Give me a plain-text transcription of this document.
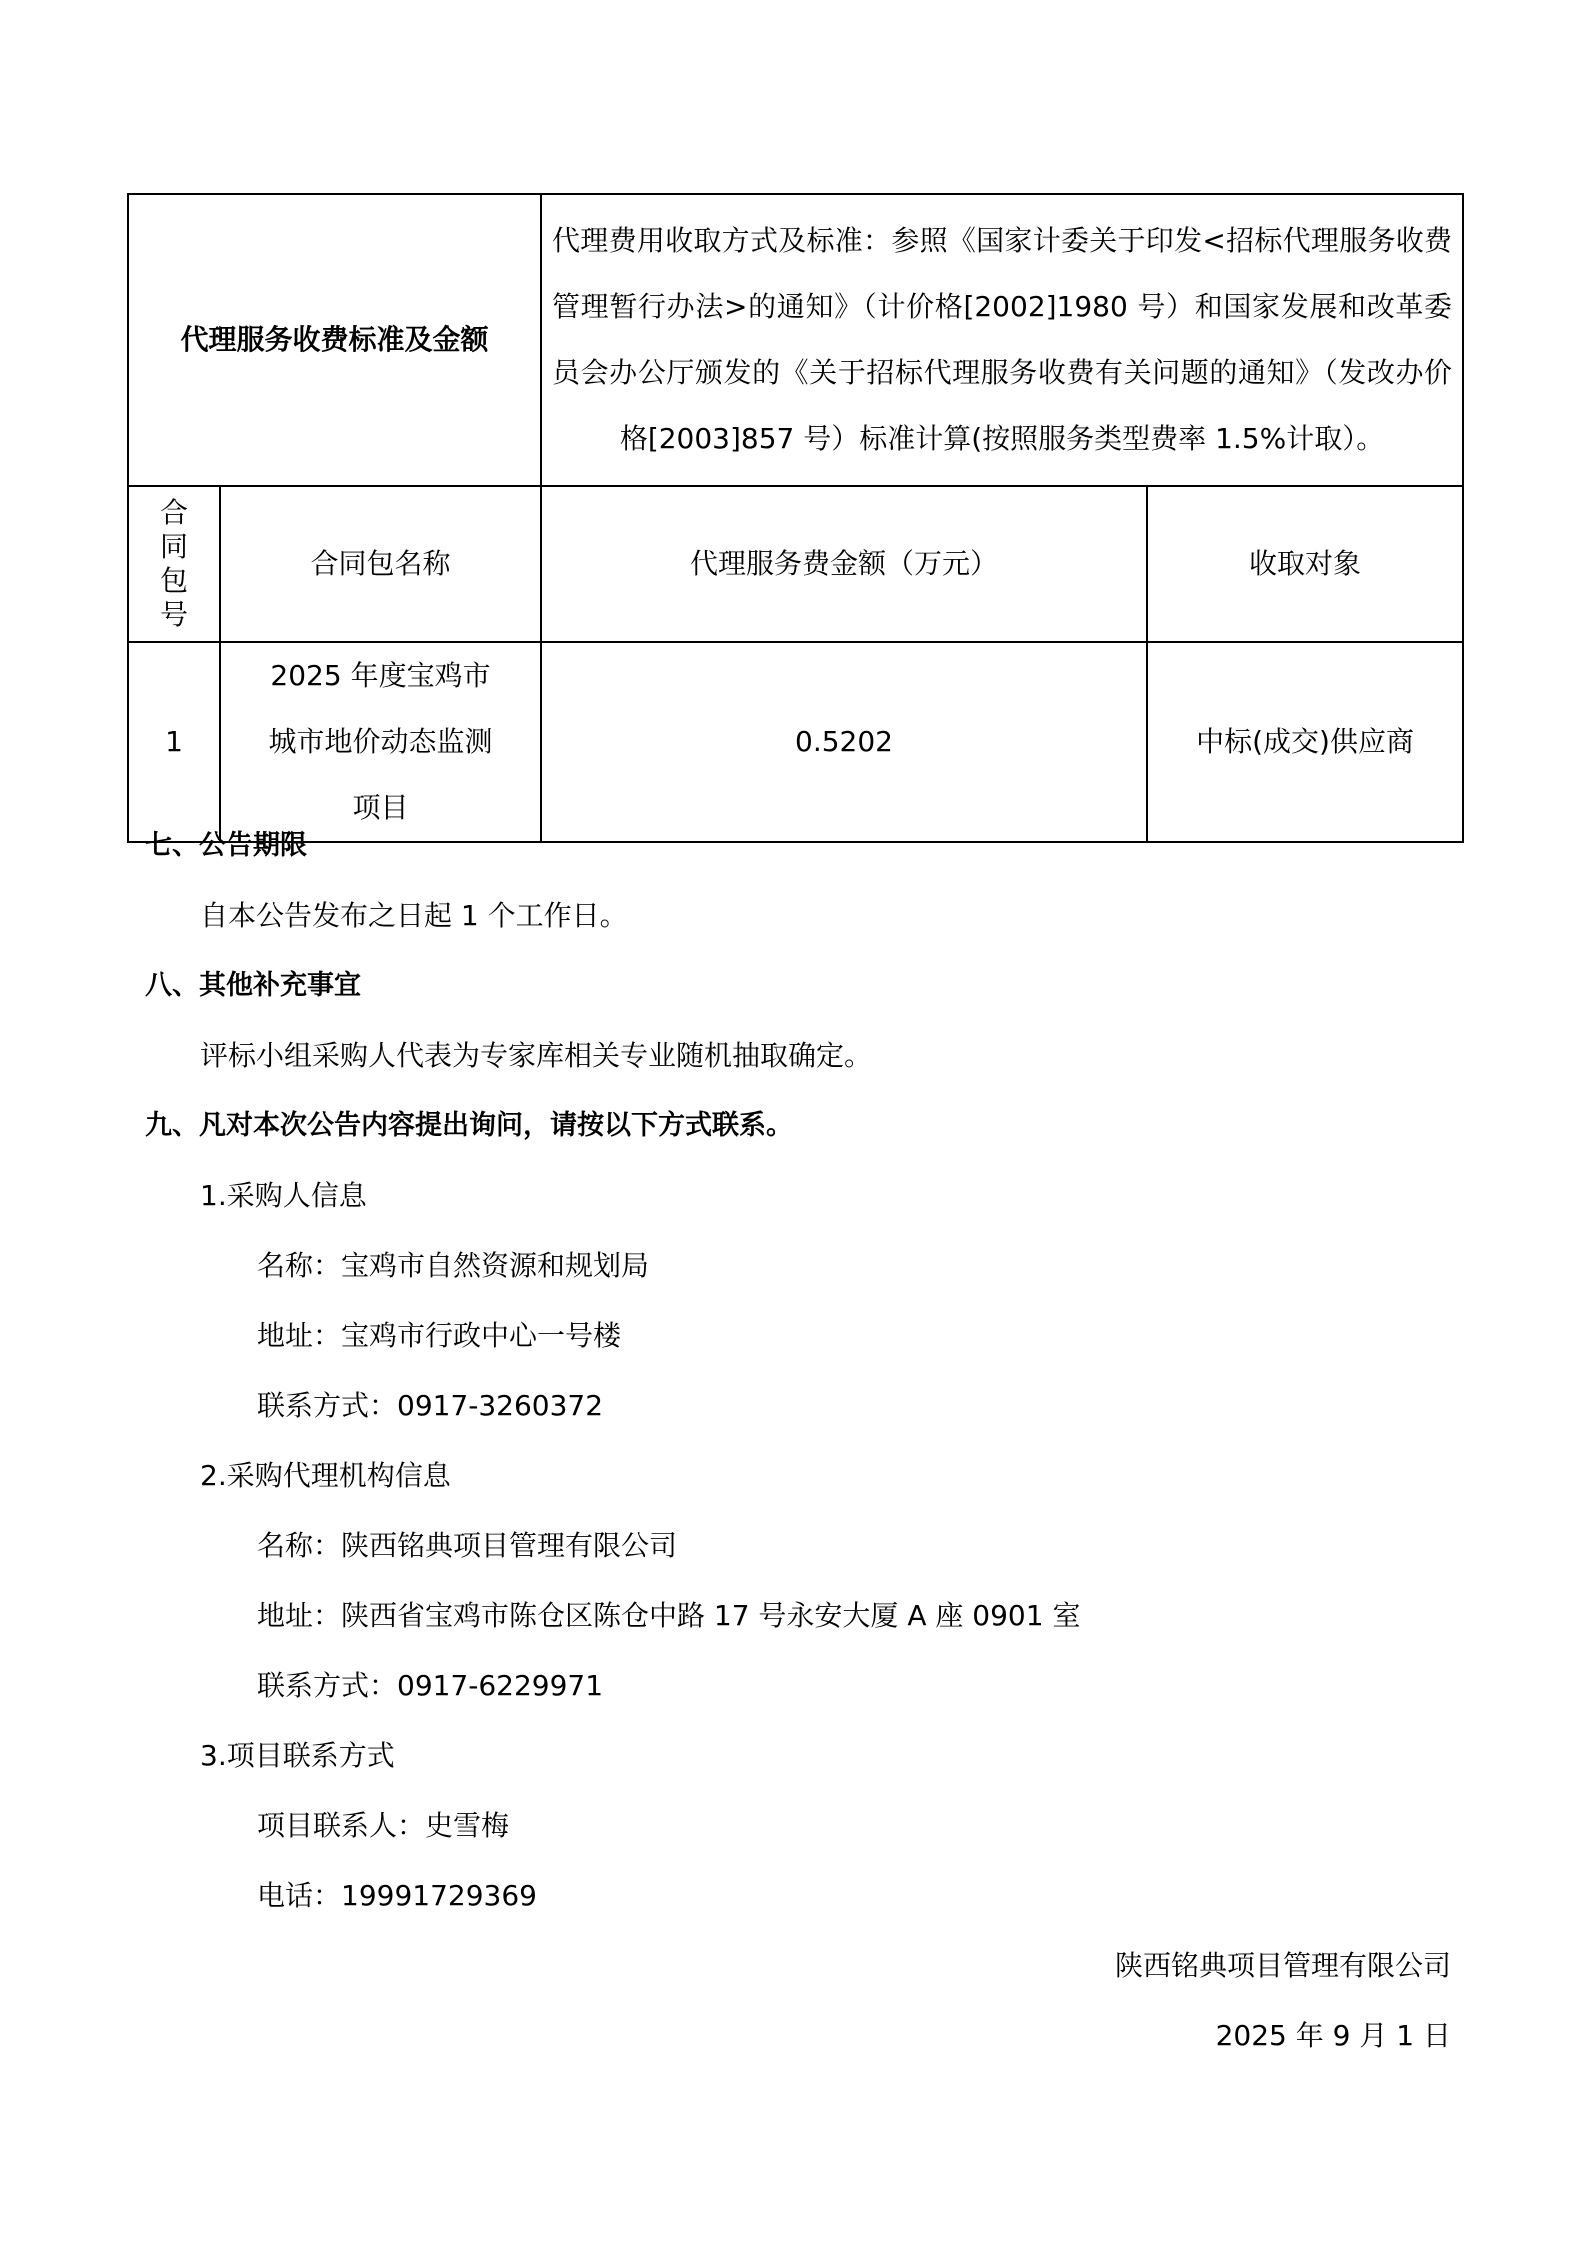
代理服务收费标准及金额		代理费用收取方式及标准：参照《国家计委关于印发<招标代理服务收费管理暂行办法>的通知》（计价格[2002]1980 号）和国家发展和改革委员会办公厅颁发的《关于招标代理服务收费有关问题的通知》（发改办价格[2003]857 号）标准计算(按照服务类型费率 1.5%计取）。	
合同包号	合同包名称	代理服务费金额（万元）	收取对象
1	2025 年度宝鸡市城市地价动态监测项目	0.5202	中标(成交)供应商
七、公告期限
自本公告发布之日起 1 个工作日。
八、其他补充事宜
评标小组采购人代表为专家库相关专业随机抽取确定。
九、凡对本次公告内容提出询问，请按以下方式联系。
1.采购人信息
名称：宝鸡市自然资源和规划局
地址：宝鸡市行政中心一号楼
联系方式：0917-3260372
2.采购代理机构信息
名称：陕西铭典项目管理有限公司
地址：陕西省宝鸡市陈仓区陈仓中路 17 号永安大厦 A 座 0901 室
联系方式：0917-6229971
3.项目联系方式
项目联系人：史雪梅
电话：19991729369
陕西铭典项目管理有限公司
2025 年 9 月 1 日
